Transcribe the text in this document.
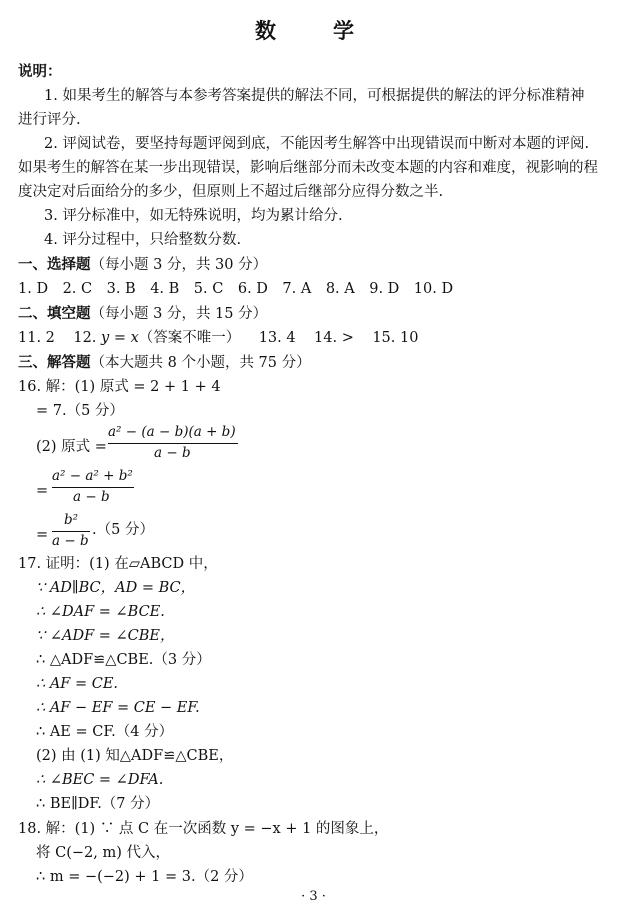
数　学
说明：
1. 如果考生的解答与本参考答案提供的解法不同，可根据提供的解法的评分标准精神
进行评分.
2. 评阅试卷，要坚持每题评阅到底，不能因考生解答中出现错误而中断对本题的评阅.
如果考生的解答在某一步出现错误，影响后继部分而未改变本题的内容和难度，视影响的程
度决定对后面给分的多少，但原则上不超过后继部分应得分数之半.
3. 评分标准中，如无特殊说明，均为累计给分.
4. 评分过程中，只给整数分数.
一、选择题（每小题 3 分，共 30 分）
1. D　2. C　3. B　4. B　5. C　6. D　7. A　8. A　9. D　10. D
二、填空题（每小题 3 分，共 15 分）
11. 2 12. y = x（答案不唯一） 13. 4 14. > 15. 10
三、解答题（本大题共 8 个小题，共 75 分）
16. 解：(1) 原式 = 2 + 1 + 4
= 7.（5 分）
(2) 原式 =
a² − (a − b)(a + b)
a − b
=
a² − a² + b²
a − b
=
b²
a − b
.（5 分）
17. 证明：(1) 在▱ABCD 中，
∵ AD∥BC，AD = BC，
∴ ∠DAF = ∠BCE.
∵ ∠ADF = ∠CBE，
∴ △ADF≌△CBE.（3 分）
∴ AF = CE.
∴ AF − EF = CE − EF.
∴ AE = CF.（4 分）
(2) 由 (1) 知△ADF≌△CBE，
∴ ∠BEC = ∠DFA.
∴ BE∥DF.（7 分）
18. 解：(1) ∵ 点 C 在一次函数 y = −x + 1 的图象上，
将 C(−2, m) 代入，
∴ m = −(−2) + 1 = 3.（2 分）
· 3 ·
